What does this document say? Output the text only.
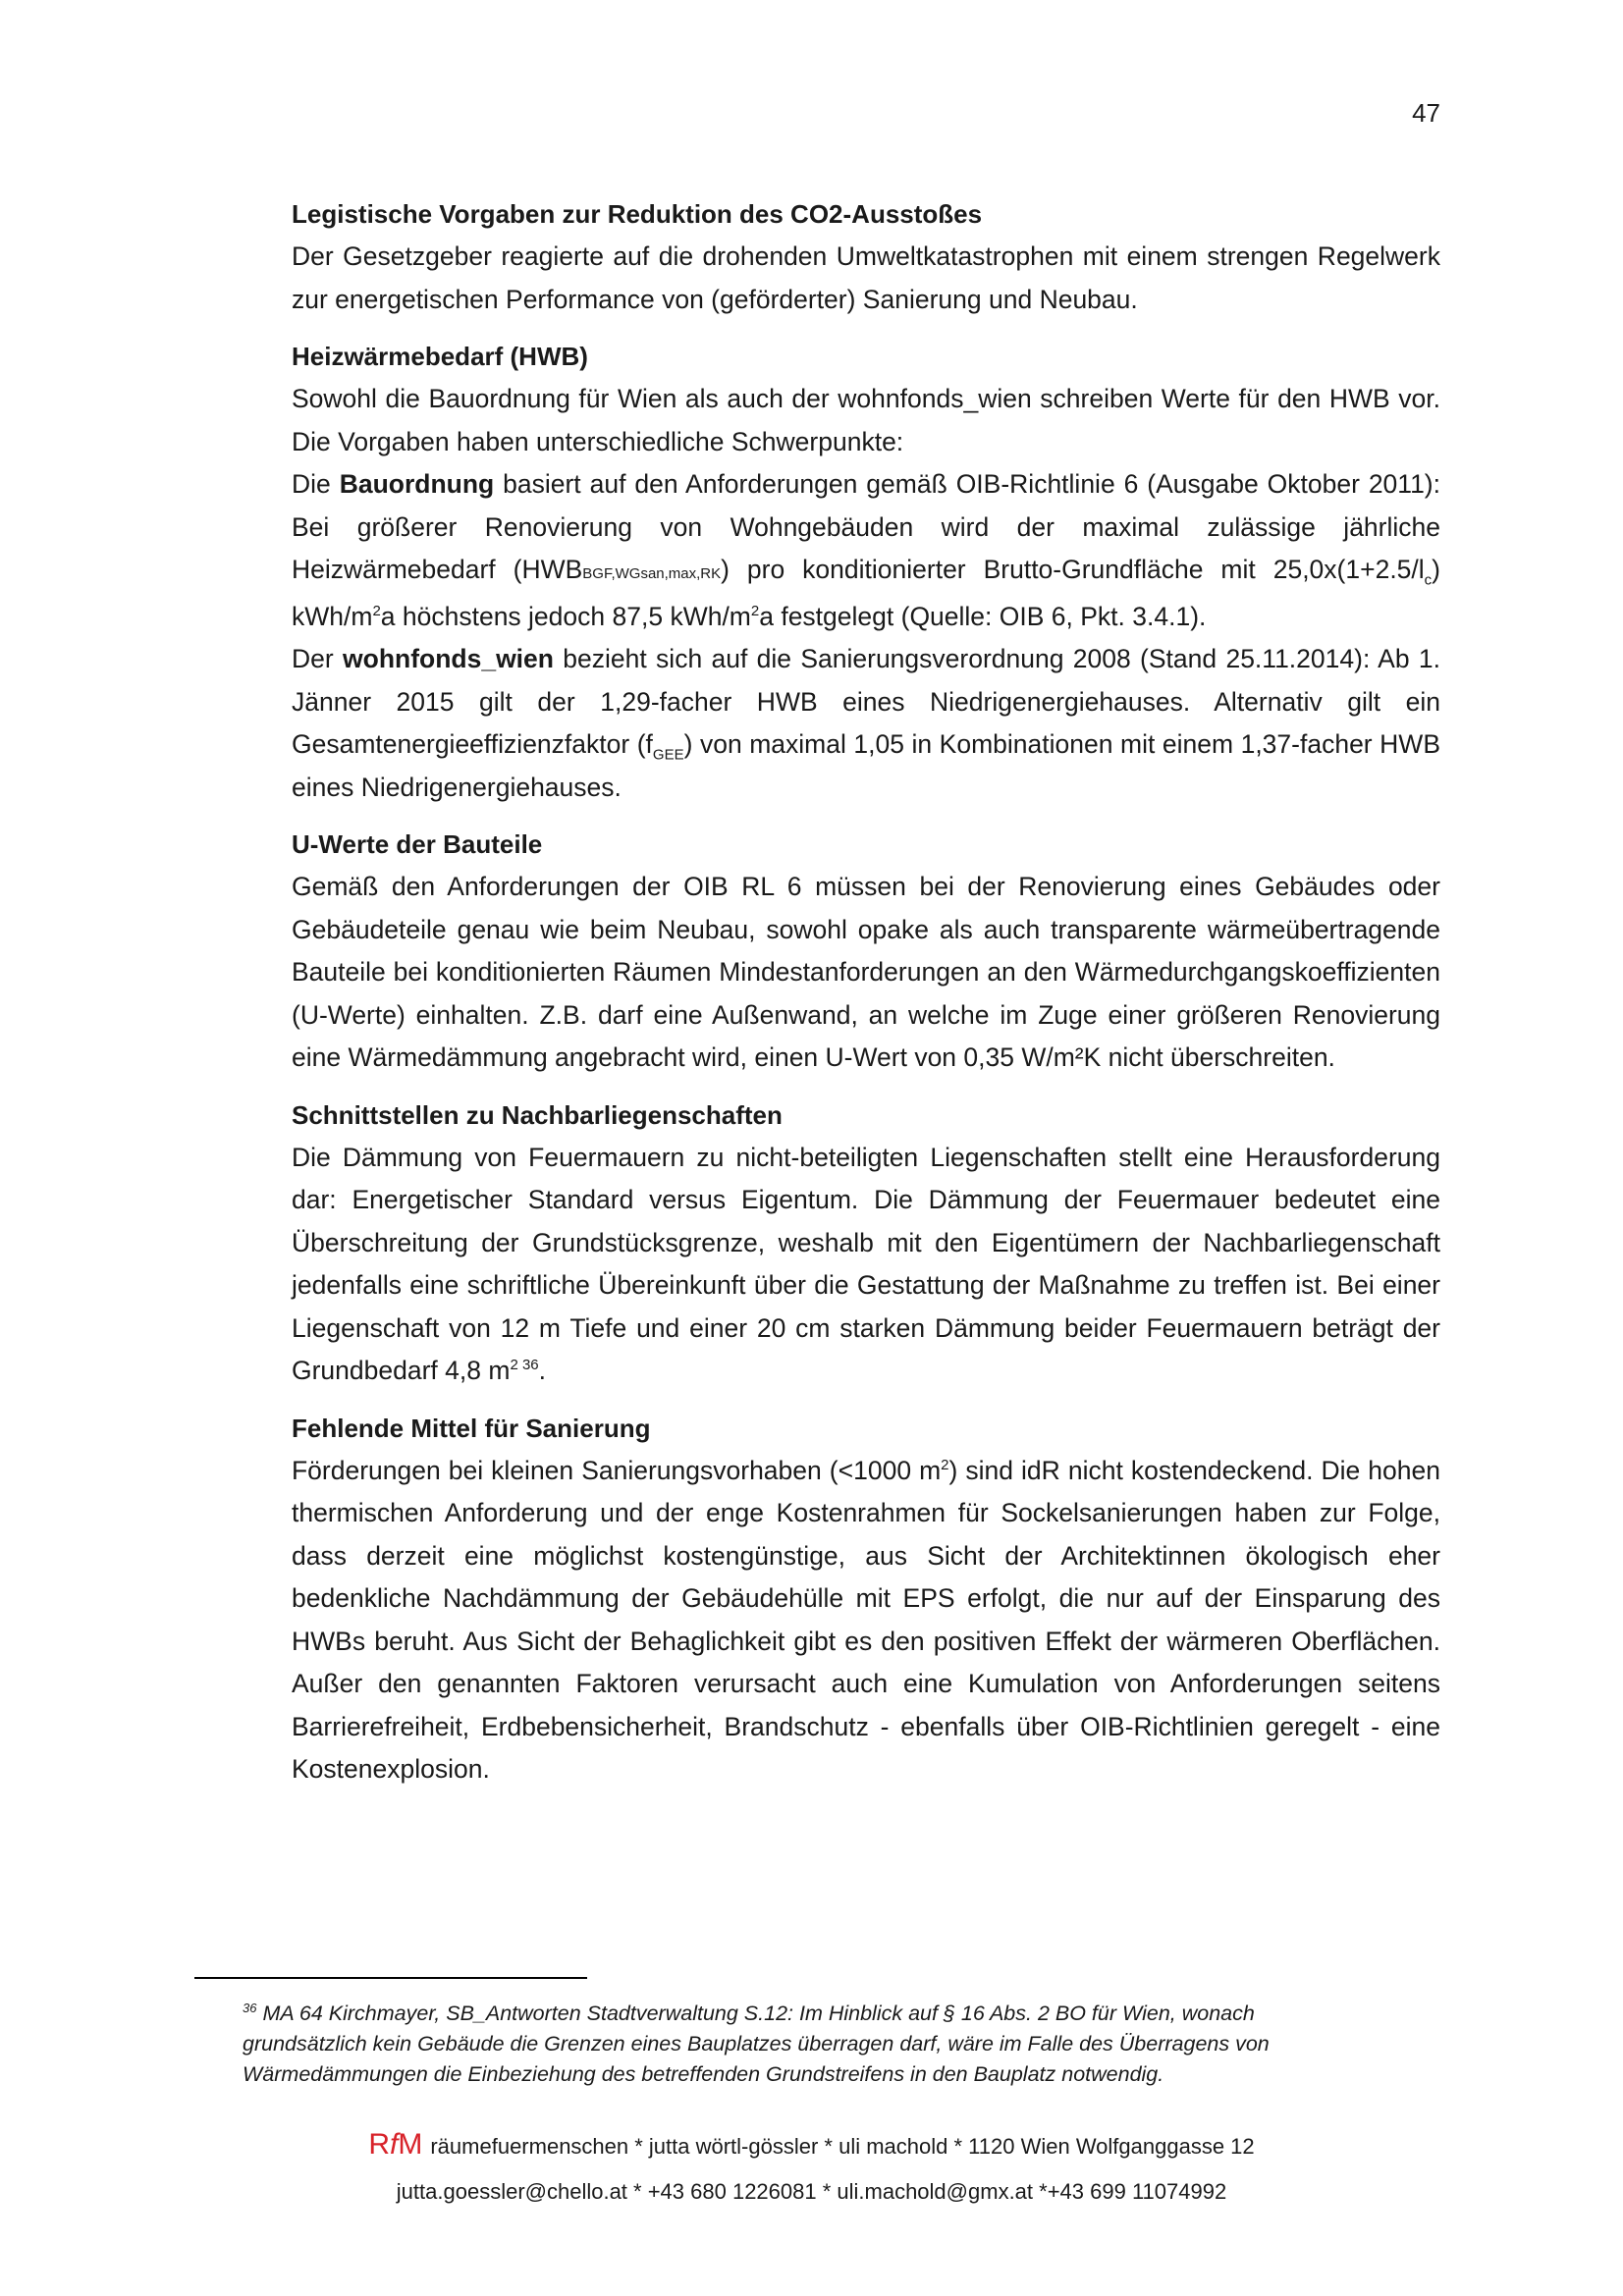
47
Legistische Vorgaben zur Reduktion des CO2-Ausstoßes

Der Gesetzgeber reagierte auf die drohenden Umweltkatastrophen mit einem strengen Regelwerk zur energetischen Performance von (geförderter) Sanierung und Neubau.

Heizwärmebedarf (HWB)

Sowohl die Bauordnung für Wien als auch der wohnfonds_wien schreiben Werte für den HWB vor. Die Vorgaben haben unterschiedliche Schwerpunkte:

Die Bauordnung basiert auf den Anforderungen gemäß OIB-Richtlinie 6 (Ausgabe Oktober 2011): Bei größerer Renovierung von Wohngebäuden wird der maximal zulässige jährliche Heizwärmebedarf (HWBBGF,WGsan,max,RK) pro konditionierter Brutto-Grundfläche mit $25,0x(1+2.5/l_c)$ kWh/$m^2a$ höchstens jedoch 87,5 kWh/$m^2a$ festgelegt (Quelle: OIB 6, Pkt. 3.4.1).

Der wohnfonds_wien bezieht sich auf die Sanierungsverordnung 2008 (Stand 25.11.2014): Ab 1. Jänner 2015 gilt der 1,29-facher HWB eines Niedrigenergiehauses. Alternativ gilt ein Gesamtenergieeffizienzfaktor $(f_{GEE})$ von maximal 1,05 in Kombinationen mit einem 1,37-facher HWB eines Niedrigenergiehauses.

U-Werte der Bauteile

Gemäß den Anforderungen der OIB RL 6 müssen bei der Renovierung eines Gebäudes oder Gebäudeteile genau wie beim Neubau, sowohl opake als auch transparente wärmeübertragende Bauteile bei konditionierten Räumen Mindestanforderungen an den Wärmedurchgangskoeffizienten (U-Werte) einhalten. Z.B. darf eine Außenwand, an welche im Zuge einer größeren Renovierung eine Wärmedämmung angebracht wird, einen U-Wert von 0,35 W/m²K nicht überschreiten.

Schnittstellen zu Nachbarliegenschaften

Die Dämmung von Feuermauern zu nicht-beteiligten Liegenschaften stellt eine Herausforderung dar: Energetischer Standard versus Eigentum. Die Dämmung der Feuermauer bedeutet eine Überschreitung der Grundstücksgrenze, weshalb mit den Eigentümern der Nachbarliegenschaft jedenfalls eine schriftliche Übereinkunft über die Gestattung der Maßnahme zu treffen ist. Bei einer Liegenschaft von 12 m Tiefe und einer 20 cm starken Dämmung beider Feuermauern beträgt der Grundbedarf 4,8 $m^{2 36}$.

Fehlende Mittel für Sanierung

Förderungen bei kleinen Sanierungsvorhaben (<1000 $m^2$) sind idR nicht kostendeckend. Die hohen thermischen Anforderung und der enge Kostenrahmen für Sockelsanierungen haben zur Folge, dass derzeit eine möglichst kostengünstige, aus Sicht der Architektinnen ökologisch eher bedenkliche Nachdämmung der Gebäudehülle mit EPS erfolgt, die nur auf der Einsparung des HWBs beruht. Aus Sicht der Behaglichkeit gibt es den positiven Effekt der wärmeren Oberflächen. Außer den genannten Faktoren verursacht auch eine Kumulation von Anforderungen seitens Barrierefreiheit, Erdbebensicherheit, Brandschutz - ebenfalls über OIB-Richtlinien geregelt - eine Kostenexplosion.

$^{36}$ MA 64 Kirchmayer, SB_Antworten Stadtverwaltung S.12: Im Hinblick auf § 16 Abs. 2 BO für Wien, wonach grundsätzlich kein Gebäude die Grenzen eines Bauplatzes überragen darf, wäre im Falle des Überragens von Wärmedämmungen die Einbeziehung des betreffenden Grundstreifens in den Bauplatz notwendig.
RfM räumefuermenschen * jutta wörtl-gössler * uli machold * 1120 Wien Wolfganggasse 12
jutta.goessler@chello.at * +43 680 1226081 * uli.machold@gmx.at *+43 699 11074992
